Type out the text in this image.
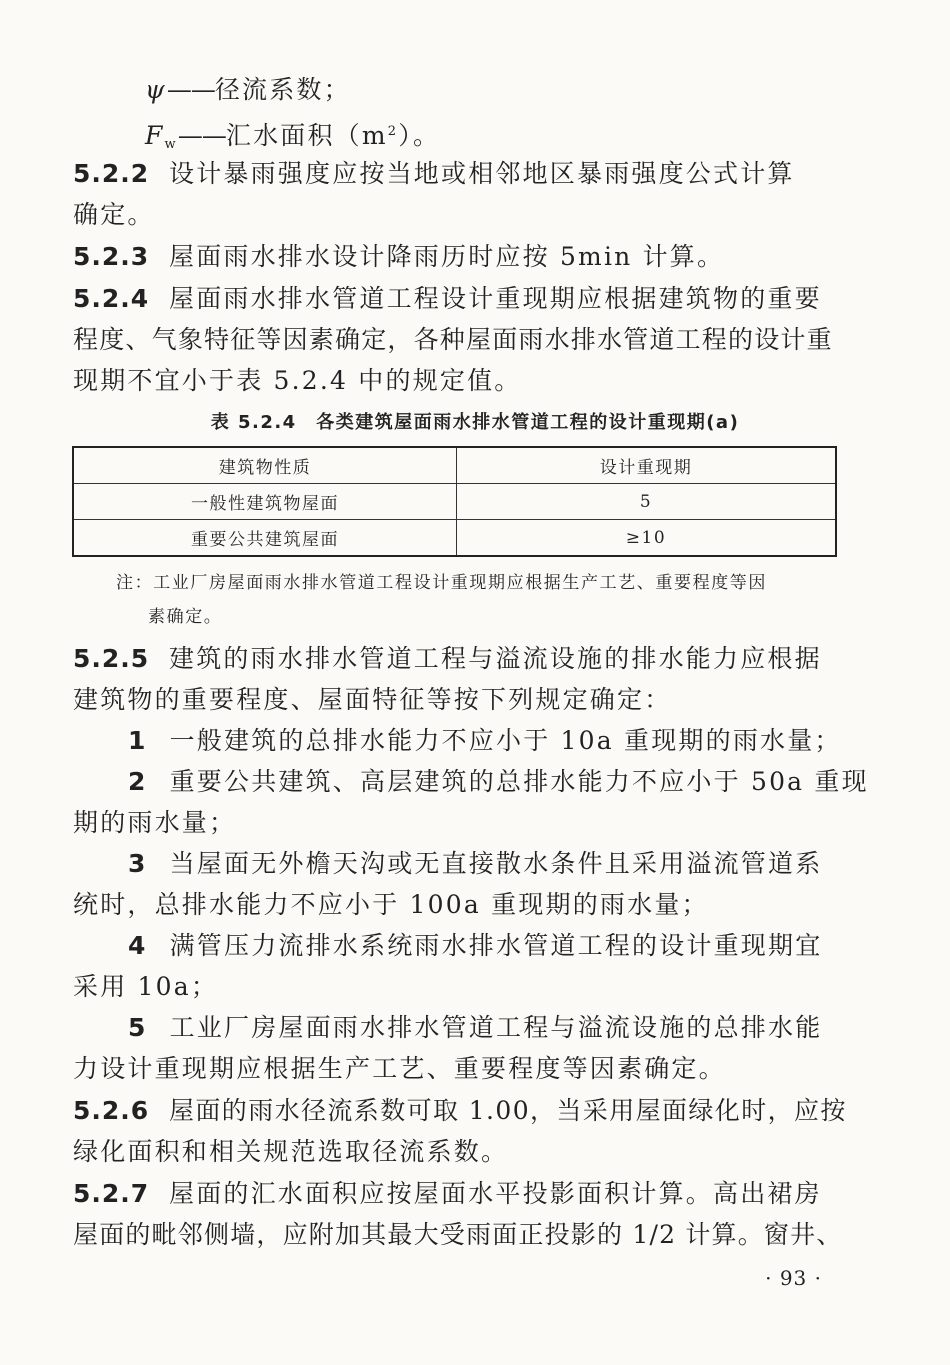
ψ——径流系数；
$F_w——$汇水面积$(m^2)$。
5.2.2 设计暴雨强度应按当地或相邻地区暴雨强度公式计算
确定。
5.2.3 屋面雨水排水设计降雨历时应按 5min 计算。
5.2.4 屋面雨水排水管道工程设计重现期应根据建筑物的重要
程度、气象特征等因素确定，各种屋面雨水排水管道工程的设计重
现期不宜小于表 5.2.4 中的规定值。
表 5.2.4　各类建筑屋面雨水排水管道工程的设计重现期(a)
建筑物性质	设计重现期
一般性建筑物屋面	5
重要公共建筑屋面	≥10
注：工业厂房屋面雨水排水管道工程设计重现期应根据生产工艺、重要程度等因
素确定。
5.2.5 建筑的雨水排水管道工程与溢流设施的排水能力应根据
建筑物的重要程度、屋面特征等按下列规定确定：
1 一般建筑的总排水能力不应小于 10a 重现期的雨水量；
2 重要公共建筑、高层建筑的总排水能力不应小于 50a 重现
期的雨水量；
3 当屋面无外檐天沟或无直接散水条件且采用溢流管道系
统时，总排水能力不应小于 100a 重现期的雨水量；
4 满管压力流排水系统雨水排水管道工程的设计重现期宜
采用 10a；
5 工业厂房屋面雨水排水管道工程与溢流设施的总排水能
力设计重现期应根据生产工艺、重要程度等因素确定。
5.2.6 屋面的雨水径流系数可取 1.00，当采用屋面绿化时，应按
绿化面积和相关规范选取径流系数。
5.2.7 屋面的汇水面积应按屋面水平投影面积计算。高出裙房
屋面的毗邻侧墙，应附加其最大受雨面正投影的 1/2 计算。窗井、
· 93 ·
